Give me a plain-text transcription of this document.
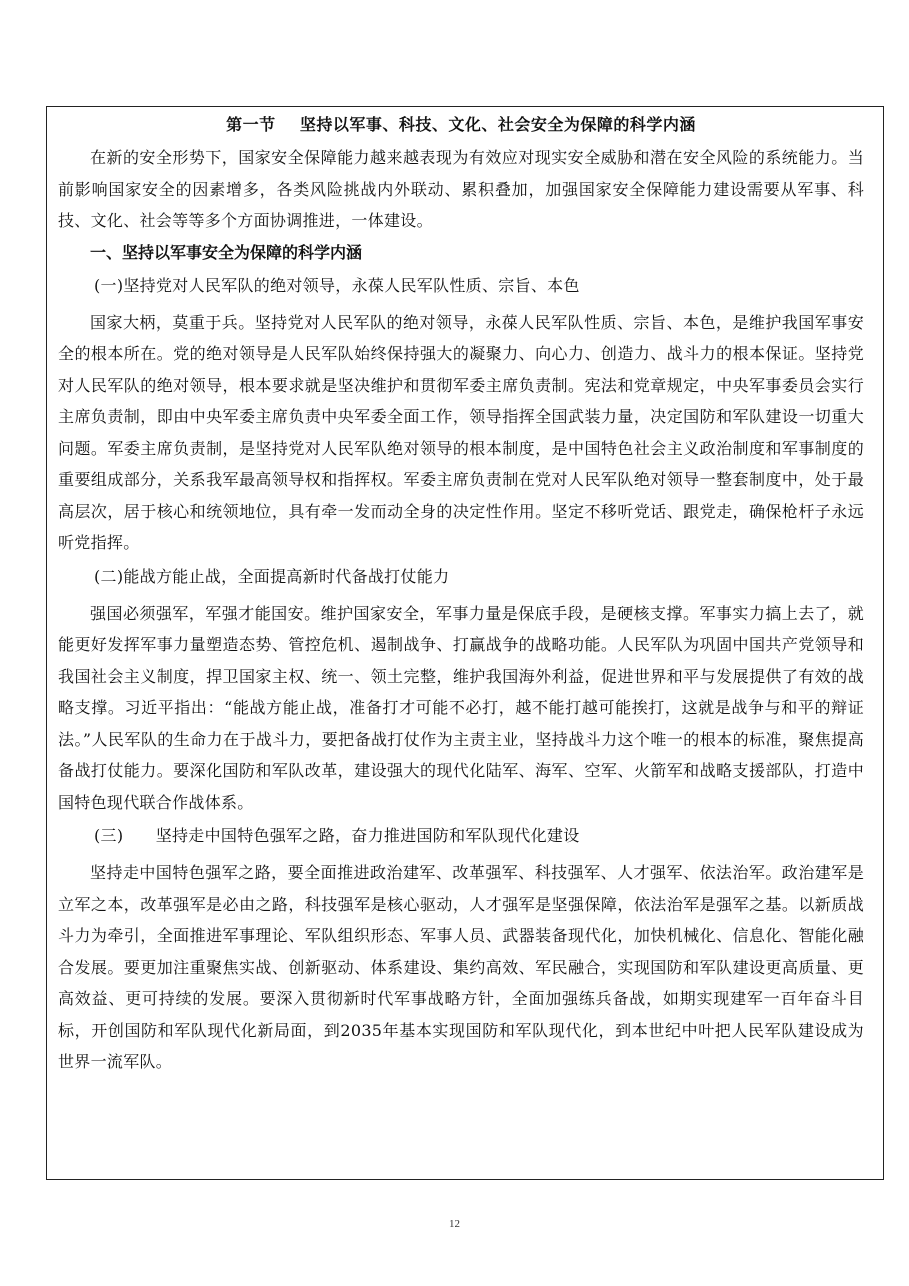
第一节    坚持以军事、科技、文化、社会安全为保障的科学内涵

在新的安全形势下，国家安全保障能力越来越表现为有效应对现实安全威胁和潜在安全风险的系统能力。当前影响国家安全的因素增多，各类风险挑战内外联动、累积叠加，加强国家安全保障能力建设需要从军事、科技、文化、社会等等多个方面协调推进，一体建设。

一、坚持以军事安全为保障的科学内涵

(一)坚持党对人民军队的绝对领导，永葆人民军队性质、宗旨、本色

国家大柄，莫重于兵。坚持党对人民军队的绝对领导，永葆人民军队性质、宗旨、本色，是维护我国军事安全的根本所在。党的绝对领导是人民军队始终保持强大的凝聚力、向心力、创造力、战斗力的根本保证。坚持党对人民军队的绝对领导，根本要求就是坚决维护和贯彻军委主席负责制。宪法和党章规定，中央军事委员会实行主席负责制，即由中央军委主席负责中央军委全面工作，领导指挥全国武装力量，决定国防和军队建设一切重大问题。军委主席负责制，是坚持党对人民军队绝对领导的根本制度，是中国特色社会主义政治制度和军事制度的重要组成部分，关系我军最高领导权和指挥权。军委主席负责制在党对人民军队绝对领导一整套制度中，处于最高层次，居于核心和统领地位，具有牵一发而动全身的决定性作用。坚定不移听党话、跟党走，确保枪杆子永远听党指挥。

(二)能战方能止战，全面提高新时代备战打仗能力

强国必须强军，军强才能国安。维护国家安全，军事力量是保底手段，是硬核支撑。军事实力搞上去了，就能更好发挥军事力量塑造态势、管控危机、遏制战争、打赢战争的战略功能。人民军队为巩固中国共产党领导和我国社会主义制度，捍卫国家主权、统一、领土完整，维护我国海外利益，促进世界和平与发展提供了有效的战略支撑。习近平指出：“能战方能止战，准备打才可能不必打，越不能打越可能挨打，这就是战争与和平的辩证法。”人民军队的生命力在于战斗力，要把备战打仗作为主责主业，坚持战斗力这个唯一的根本的标准，聚焦提高备战打仗能力。要深化国防和军队改革，建设强大的现代化陆军、海军、空军、火箭军和战略支援部队，打造中国特色现代联合作战体系。

(三)      坚持走中国特色强军之路，奋力推进国防和军队现代化建设

坚持走中国特色强军之路，要全面推进政治建军、改革强军、科技强军、人才强军、依法治军。政治建军是立军之本，改革强军是必由之路，科技强军是核心驱动，人才强军是坚强保障，依法治军是强军之基。以新质战斗力为牵引，全面推进军事理论、军队组织形态、军事人员、武器装备现代化，加快机械化、信息化、智能化融合发展。要更加注重聚焦实战、创新驱动、体系建设、集约高效、军民融合，实现国防和军队建设更高质量、更高效益、更可持续的发展。要深入贯彻新时代军事战略方针，全面加强练兵备战，如期实现建军一百年奋斗目标，开创国防和军队现代化新局面，到2035年基本实现国防和军队现代化，到本世纪中叶把人民军队建设成为世界一流军队。

12
